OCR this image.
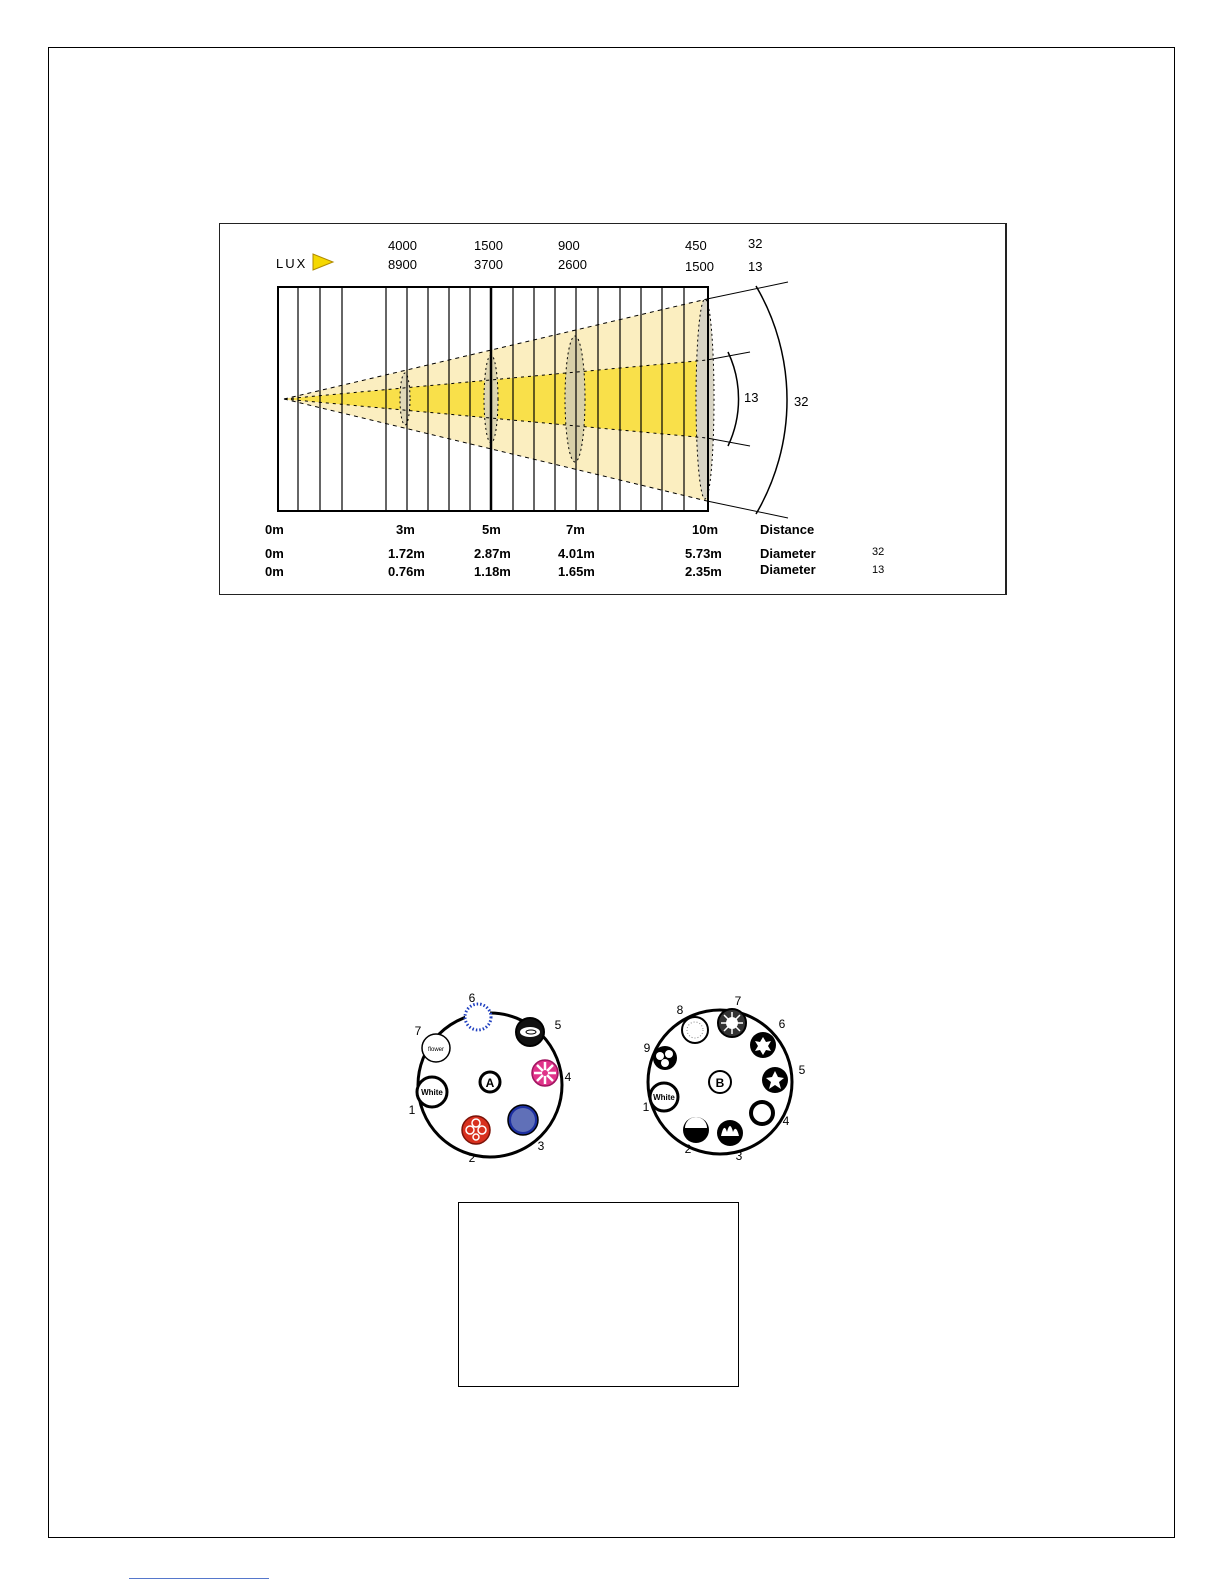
LUX
4000	1500	900	450	32
8900	3700	2600	1500	13
13	32
0m	3m	5m	7m	10m	Distance
0m	1.72m	2.87m	4.01m	5.73m	Diameter	32
0m	0.76m	1.18m	1.65m	2.35m	Diameter	13
A
flower
White
6
5
4
3
2
1
7
B
White
7
8
6
5
4
3
2
1
9
